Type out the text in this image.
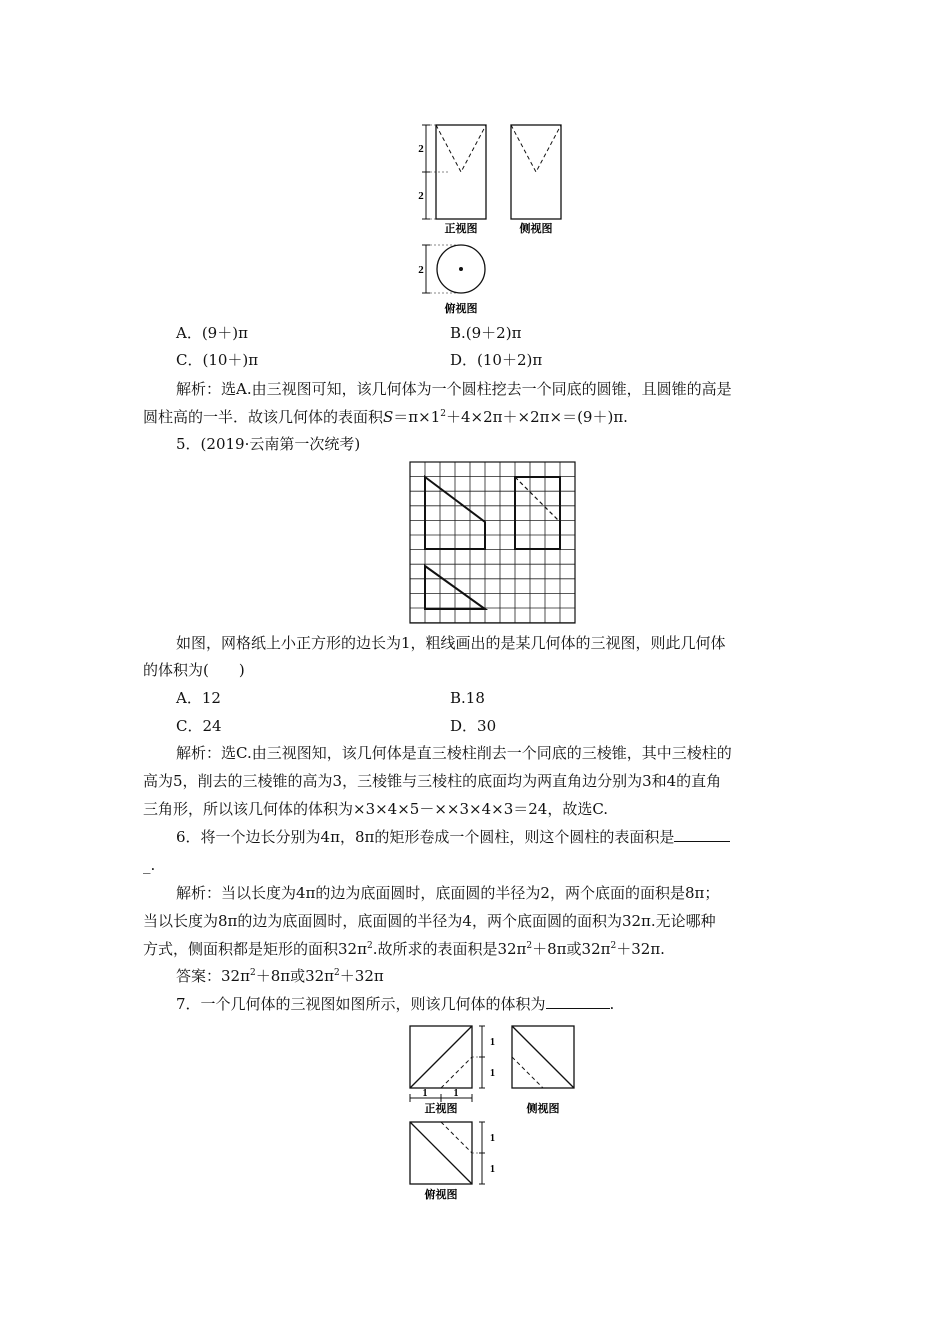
2
2
正视图	侧视图
2
俯视图
A．(9＋)π	B.(9＋2)π
C．(10＋)π	D．(10＋2)π
解析：选A.由三视图可知，该几何体为一个圆柱挖去一个同底的圆锥，且圆锥的高是
圆柱高的一半．故该几何体的表面积$S=\pi\times 1^2+4\times 2\pi+\times 2\pi\times=(9+)\pi$.
5．(2019·云南第一次统考)
如图，网格纸上小正方形的边长为1，粗线画出的是某几何体的三视图，则此几何体
的体积为(　　)
A．12	B.18
C．24	D．30
解析：选C.由三视图知，该几何体是直三棱柱削去一个同底的三棱锥，其中三棱柱的
高为5，削去的三棱锥的高为3，三棱锥与三棱柱的底面均为两直角边分别为3和4的直角
三角形，所以该几何体的体积为×3×4×5－××3×4×3＝24，故选C.
6．将一个边长分别为4π，8π的矩形卷成一个圆柱，则这个圆柱的表面积是
_.
解析：当以长度为4π的边为底面圆时，底面圆的半径为2，两个底面的面积是8π；
当以长度为8π的边为底面圆时，底面圆的半径为4，两个底面圆的面积为32π.无论哪种
方式，侧面积都是矩形的面积$32\pi^2$.故所求的表面积是$32\pi^2+8\pi$或$32\pi^2+32\pi$.
答案：$32\pi^2+8\pi$或$32\pi^2+32\pi$
7．一个几何体的三视图如图所示，则该几何体的体积为	.
1
1
1	1
正视图	侧视图
1
1
俯视图
